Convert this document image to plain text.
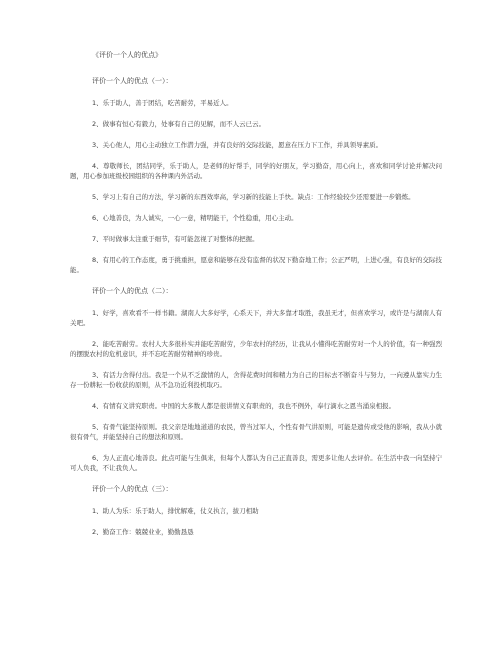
《评价一个人的优点》
评价一个人的优点（一）：

1、乐于助人，善于团结，吃苦耐劳，平易近人。

2、做事有恒心有毅力，处事有自己的见解，而不人云已云。

3、关心他人，用心主动独立工作潜力强，并有良好的交际技能，愿意在压力下工作，并具领导素质。

4、尊敬师长，团结同学，乐于助人，是老师的好帮手，同学的好朋友，学习勤奋，用心向上，喜欢和同学讨论并解决问题，用心参加班级校园组织的各种课内外活动。

5、学习上有自己的方法，学习新的东西效率高，学习新的技能上手快。缺点：工作经验较少还需要进一步锻炼。

6、心地善良，为人诚实，一心一意，精明能干，个性稳重，用心主动。

7、平时做事太注重于细节，有可能忽视了对整体的把握。

8、有用心的工作态度，勇于挑重担，愿意和能够在没有监督的状况下勤奋地工作；公正严明，上进心强，有良好的交际技能。

评价一个人的优点（二）：

1、好学，喜欢看不一样书籍。湖南人大多好学，心系天下，并大多靠才取胜，我虽无才，但喜欢学习，或许是与湖南人有关吧。

2、能吃苦耐劳。农村人大多很朴实并能吃苦耐劳，少年农村的经历，让我从小懂得吃苦耐劳对一个人的价值，有一种强烈的摆脱农村的危机意识，并不忘吃苦耐劳精神的珍贵。

3、有活力舍得付出。我是一个从不乏激情的人，舍得花费时间和精力为自己的目标去不断奋斗与努力，一向遵从靠实力生存一份耕耘一份收获的原则，从不急功近利投机取巧。

4、有情有义讲究职责。中国的大多数人都是很讲情义有职责的，我也不例外，奉行滴水之恩当涌泉相报。

5、有骨气能坚持原则。我父亲是地地道道的农民，曾当过军人，个性有骨气讲原则，可能是遗传或受他的影响，我从小就很有骨气，并能坚持自己的想法和原则。

6、为人正直心地善良。此点可能与生俱来，但每个人都认为自己正直善良，需更多让他人去评价。在生活中我一向坚持宁可人负我，不让我负人。

评价一个人的优点（三）：

1、助人为乐：乐于助人，排忧解难，仗义执言，拔刀相助

2、勤奋工作：兢兢业业，勤勤恳恳
